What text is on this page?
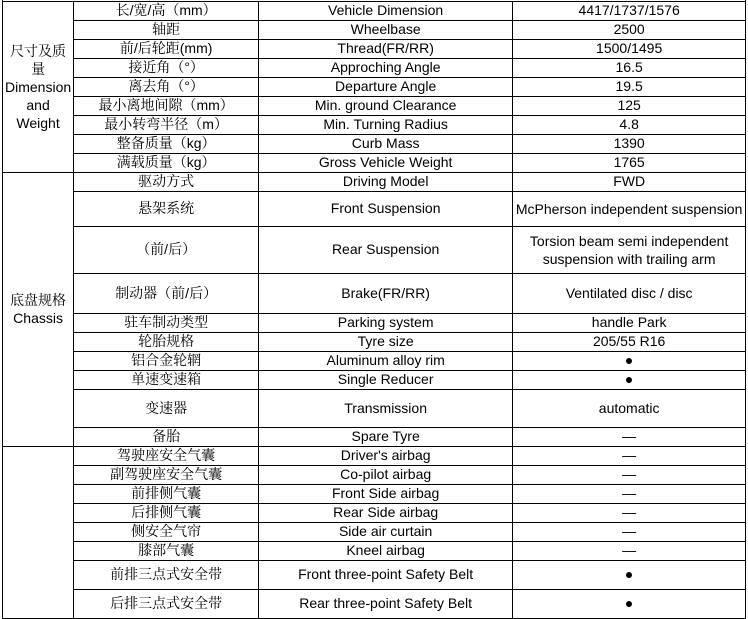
尺寸及质量
Dimension and Weight	长/宽/高（mm）	Vehicle Dimension	4417/1737/1576
	轴距	Wheelbase	2500
	前/后轮距(mm)	Thread(FR/RR)	1500/1495
	接近角（°）	Approching Angle	16.5
	离去角（°）	Departure Angle	19.5
	最小离地间隙（mm）	Min. ground Clearance	125
	最小转弯半径（m）	Min. Turning Radius	4.8
	整备质量（kg）	Curb Mass	1390
	满载质量（kg）	Gross Vehicle Weight	1765

底盘规格
Chassis	驱动方式	Driving Model	FWD
	悬架系统	Front Suspension	McPherson independent suspension
	（前/后）	Rear Suspension	Torsion beam semi independent suspension with trailing arm
	制动器（前/后）	Brake(FR/RR)	Ventilated disc / disc
	驻车制动类型	Parking system	handle Park
	轮胎规格	Tyre size	205/55 R16
	铝合金轮辋	Aluminum alloy rim	●
	单速变速箱	Single Reducer	●
	变速器	Transmission	automatic
	备胎	Spare Tyre	—
	驾驶座安全气囊	Driver's airbag	—
	副驾驶座安全气囊	Co-pilot airbag	—
	前排侧气囊	Front Side airbag	—
	后排侧气囊	Rear Side airbag	—
	侧安全气帘	Side air curtain	—
	膝部气囊	Kneel airbag	—
	前排三点式安全带	Front three-point Safety Belt	●
	后排三点式安全带	Rear three-point Safety Belt	●
